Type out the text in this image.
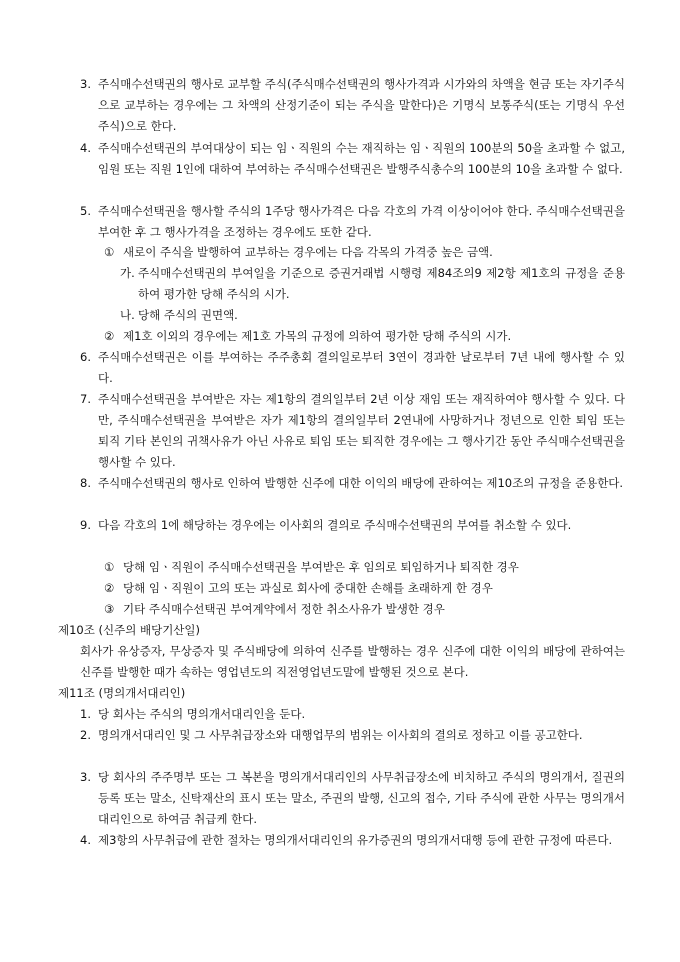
3. 주식매수선택권의 행사로 교부할 주식(주식매수선택권의 행사가격과 시가와의 차액을 현금 또는 자기주식으로 교부하는 경우에는 그 차액의 산정기준이 되는 주식을 말한다)은 기명식 보통주식(또는 기명식 우선주식)으로 한다.
4. 주식매수선택권의 부여대상이 되는 임ㆍ직원의 수는 재직하는 임ㆍ직원의 100분의 50을 초과할 수 없고, 임원 또는 직원 1인에 대하여 부여하는 주식매수선택권은 발행주식총수의 100분의 10을 초과할 수 없다.
5. 주식매수선택권을 행사할 주식의 1주당 행사가격은 다음 각호의 가격 이상이어야 한다. 주식매수선택권을 부여한 후 그 행사가격을 조정하는 경우에도 또한 같다.
① 새로이 주식을 발행하여 교부하는 경우에는 다음 각목의 가격중 높은 금액.
가. 주식매수선택권의 부여일을 기준으로 증권거래법 시행령 제84조의9 제2항 제1호의 규정을 준용하여 평가한 당해 주식의 시가.
나. 당해 주식의 권면액.
② 제1호 이외의 경우에는 제1호 가목의 규정에 의하여 평가한 당해 주식의 시가.
6. 주식매수선택권은 이를 부여하는 주주총회 결의일로부터 3연이 경과한 날로부터 7년 내에 행사할 수 있다.
7. 주식매수선택권을 부여받은 자는 제1항의 결의일부터 2년 이상 재임 또는 재직하여야 행사할 수 있다. 다만, 주식매수선택권을 부여받은 자가 제1항의 결의일부터 2연내에 사망하거나 정년으로 인한 퇴임 또는 퇴직 기타 본인의 귀책사유가 아닌 사유로 퇴임 또는 퇴직한 경우에는 그 행사기간 동안 주식매수선택권을 행사할 수 있다.
8. 주식매수선택권의 행사로 인하여 발행한 신주에 대한 이익의 배당에 관하여는 제10조의 규정을 준용한다.
9. 다음 각호의 1에 해당하는 경우에는 이사회의 결의로 주식매수선택권의 부여를 취소할 수 있다.
① 당해 임ㆍ직원이 주식매수선택권을 부여받은 후 임의로 퇴임하거나 퇴직한 경우
② 당해 임ㆍ직원이 고의 또는 과실로 회사에 중대한 손해를 초래하게 한 경우
③ 기타 주식매수선택권 부여계약에서 정한 취소사유가 발생한 경우
제10조 (신주의 배당기산일)
회사가 유상증자, 무상증자 및 주식배당에 의하여 신주를 발행하는 경우 신주에 대한 이익의 배당에 관하여는 신주를 발행한 때가 속하는 영업년도의 직전영업년도말에 발행된 것으로 본다.
제11조 (명의개서대리인)
1. 당 회사는 주식의 명의개서대리인을 둔다.
2. 명의개서대리인 및 그 사무취급장소와 대행업무의 범위는 이사회의 결의로 정하고 이를 공고한다.
3. 당 회사의 주주명부 또는 그 복본을 명의개서대리인의 사무취급장소에 비치하고 주식의 명의개서, 질권의 등록 또는 말소, 신탁재산의 표시 또는 말소, 주권의 발행, 신고의 접수, 기타 주식에 관한 사무는 명의개서대리인으로 하여금 취급케 한다.
4. 제3항의 사무취급에 관한 절차는 명의개서대리인의 유가증권의 명의개서대행 등에 관한 규정에 따른다.
